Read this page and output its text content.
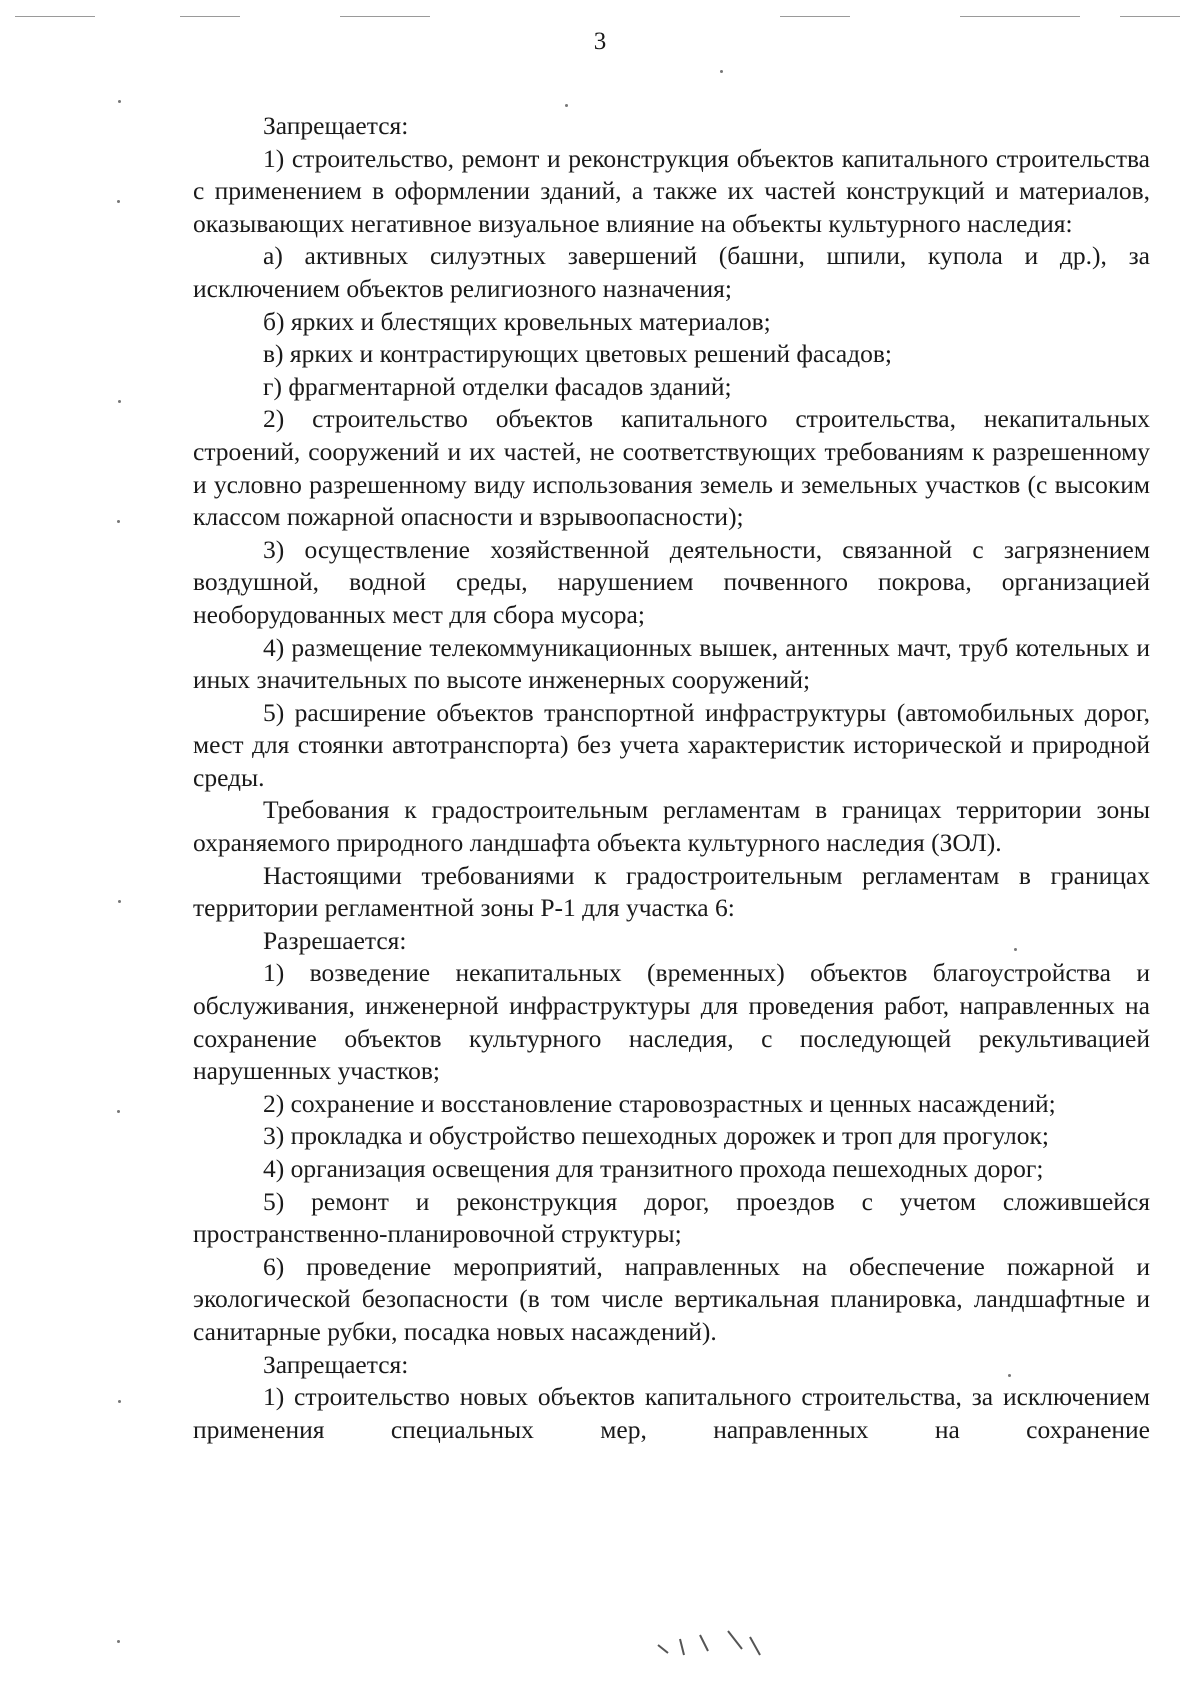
3

Запрещается:

1) строительство, ремонт и реконструкция объектов капитального строительства с применением в оформлении зданий, а также их частей конструкций и материалов, оказывающих негативное визуальное влияние на объекты культурного наследия:

а) активных силуэтных завершений (башни, шпили, купола и др.), за исключением объектов религиозного назначения;

б) ярких и блестящих кровельных материалов;

в) ярких и контрастирующих цветовых решений фасадов;

г) фрагментарной отделки фасадов зданий;

2) строительство объектов капитального строительства, некапитальных строений, сооружений и их частей, не соответствующих требованиям к разрешенному и условно разрешенному виду использования земель и земельных участков (с высоким классом пожарной опасности и взрывоопасности);

3) осуществление хозяйственной деятельности, связанной с загрязнением воздушной, водной среды, нарушением почвенного покрова, организацией необорудованных мест для сбора мусора;

4) размещение телекоммуникационных вышек, антенных мачт, труб котельных и иных значительных по высоте инженерных сооружений;

5) расширение объектов транспортной инфраструктуры (автомобильных дорог, мест для стоянки автотранспорта) без учета характеристик исторической и природной среды.

Требования к градостроительным регламентам в границах территории зоны охраняемого природного ландшафта объекта культурного наследия (ЗОЛ).

Настоящими требованиями к градостроительным регламентам в границах территории регламентной зоны Р-1 для участка 6:

Разрешается:

1) возведение некапитальных (временных) объектов благоустройства и обслуживания, инженерной инфраструктуры для проведения работ, направленных на сохранение объектов культурного наследия, с последующей рекультивацией нарушенных участков;

2) сохранение и восстановление старовозрастных и ценных насаждений;

3) прокладка и обустройство пешеходных дорожек и троп для прогулок;

4) организация освещения для транзитного прохода пешеходных дорог;

5) ремонт и реконструкция дорог, проездов с учетом сложившейся пространственно-планировочной структуры;

6) проведение мероприятий, направленных на обеспечение пожарной и экологической безопасности (в том числе вертикальная планировка, ландшафтные и санитарные рубки, посадка новых насаждений).

Запрещается:

1) строительство новых объектов капитального строительства, за исключением применения специальных мер, направленных на сохранение
